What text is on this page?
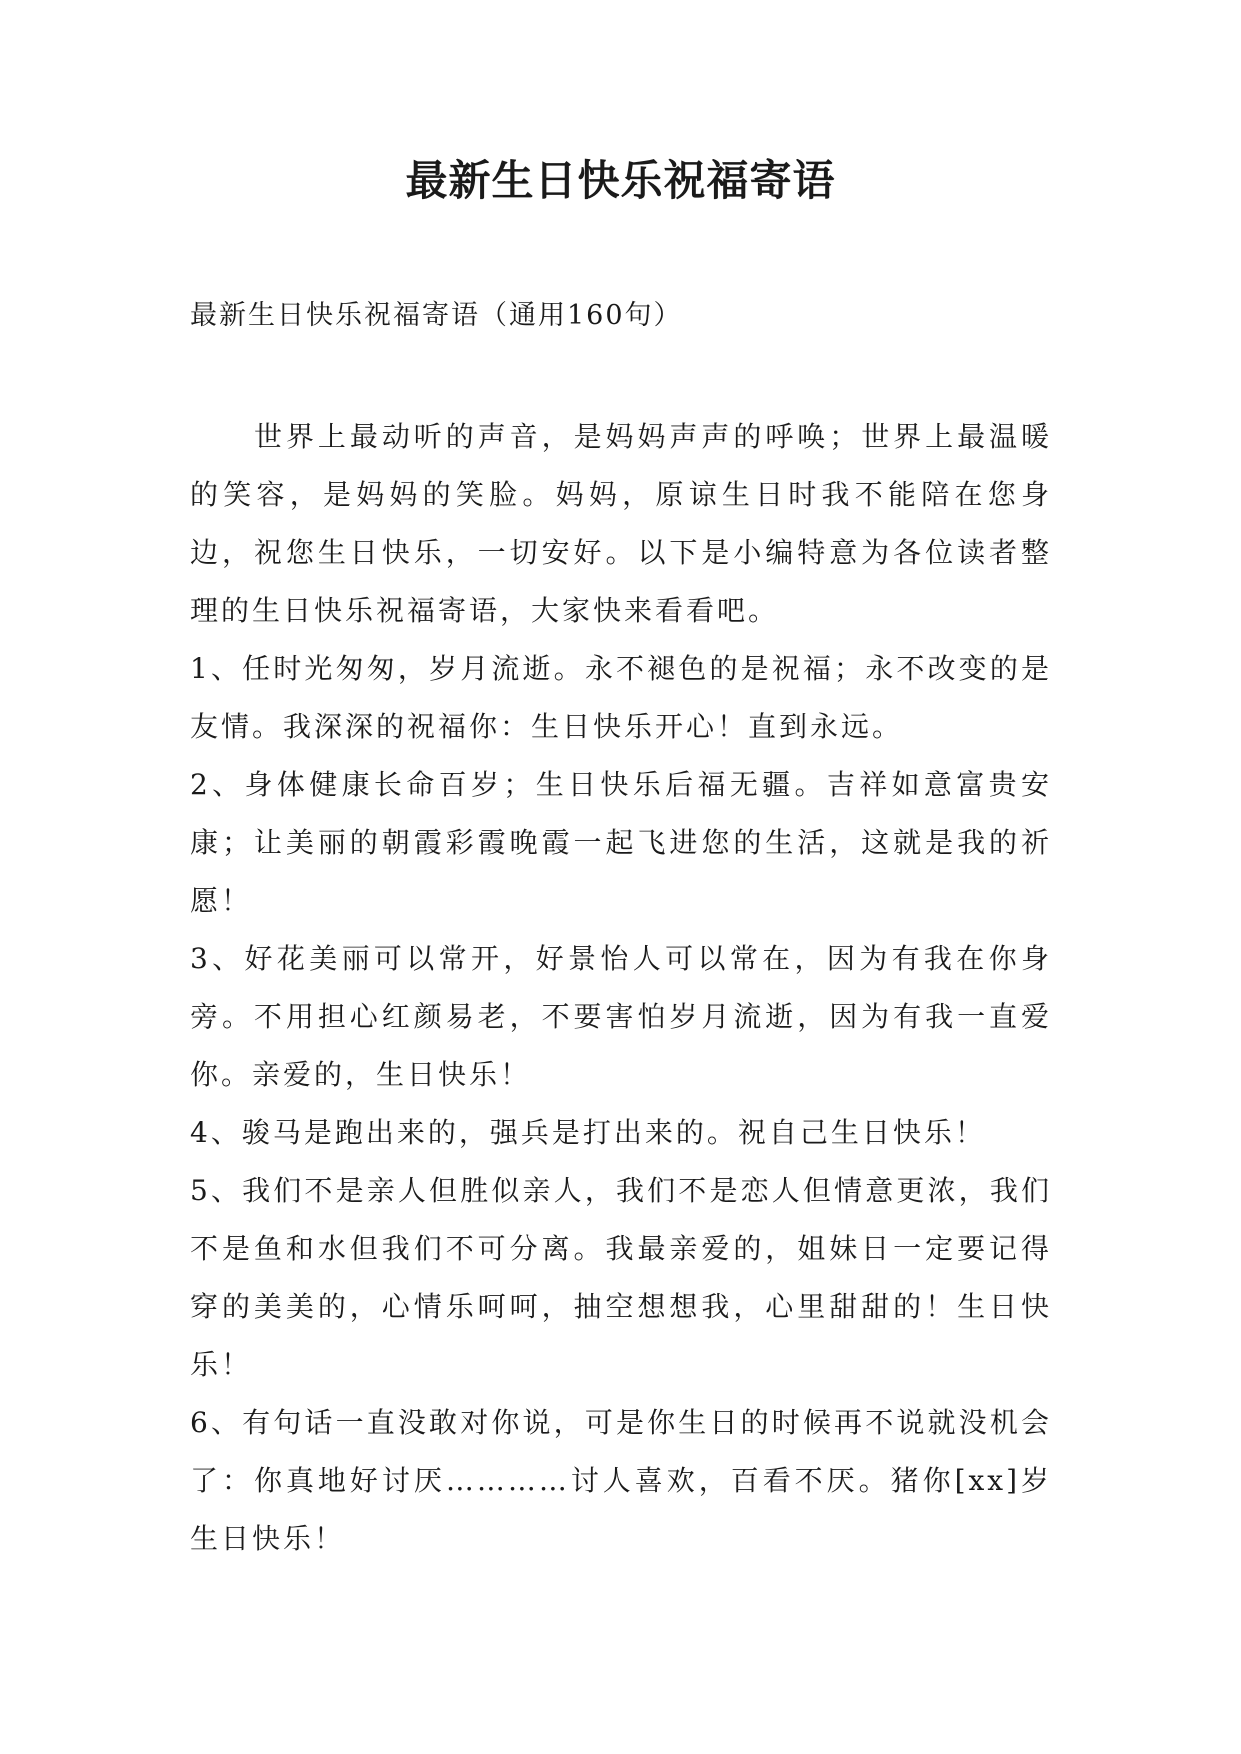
最新生日快乐祝福寄语
最新生日快乐祝福寄语（通用160句）

世界上最动听的声音，是妈妈声声的呼唤；世界上最温暖的笑容，是妈妈的笑脸。妈妈，原谅生日时我不能陪在您身边，祝您生日快乐，一切安好。以下是小编特意为各位读者整理的生日快乐祝福寄语，大家快来看看吧。

1、任时光匆匆，岁月流逝。永不褪色的是祝福；永不改变的是友情。我深深的祝福你：生日快乐开心！直到永远。

2、身体健康长命百岁；生日快乐后福无疆。吉祥如意富贵安康；让美丽的朝霞彩霞晚霞一起飞进您的生活，这就是我的祈愿！

3、好花美丽可以常开，好景怡人可以常在，因为有我在你身旁。不用担心红颜易老，不要害怕岁月流逝，因为有我一直爱你。亲爱的，生日快乐！

4、骏马是跑出来的，强兵是打出来的。祝自己生日快乐！

5、我们不是亲人但胜似亲人，我们不是恋人但情意更浓，我们不是鱼和水但我们不可分离。我最亲爱的，姐妹日一定要记得穿的美美的，心情乐呵呵，抽空想想我，心里甜甜的！生日快乐！

6、有句话一直没敢对你说，可是你生日的时候再不说就没机会了：你真地好讨厌…………讨人喜欢，百看不厌。猪你[xx]岁生日快乐！
